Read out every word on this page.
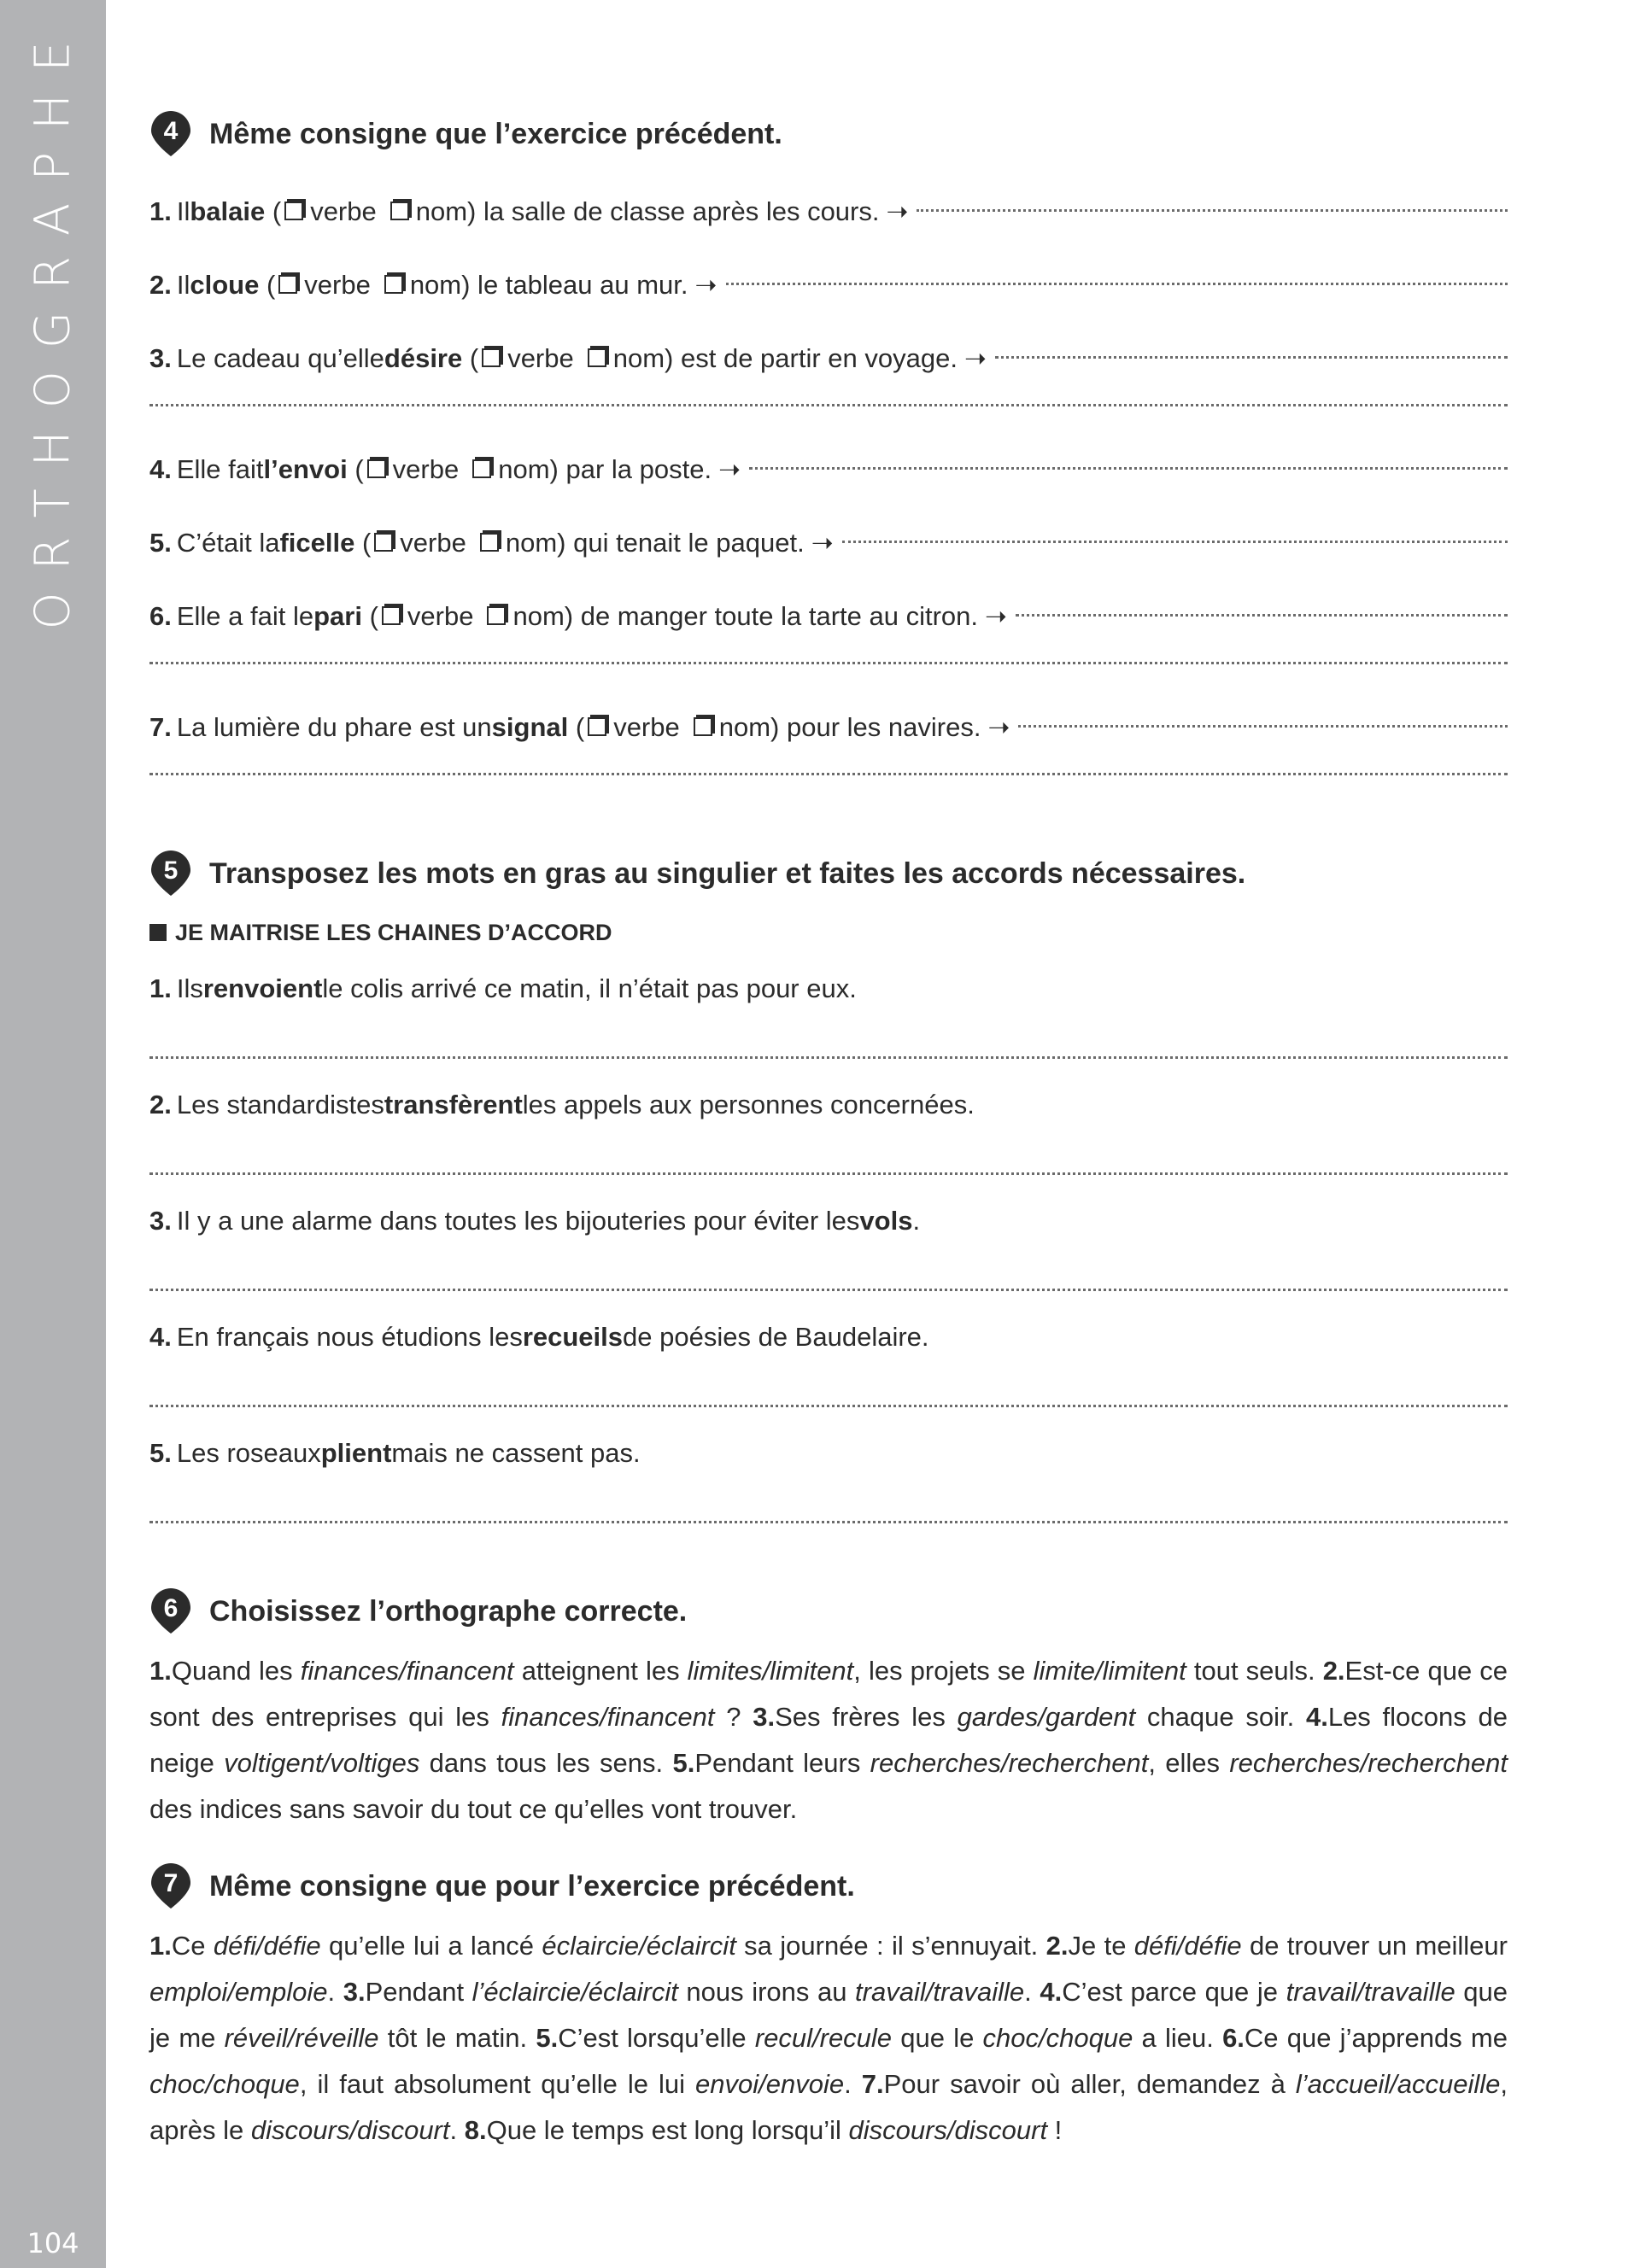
ORTHOGRAPHE
104
4	Même consigne que l’exercice précédent.
1. Il balaie ( verbe nom ) la salle de classe après les cours. ➝
2. Il cloue ( verbe nom ) le tableau au mur. ➝
3. Le cadeau qu’elle désire ( verbe nom ) est de partir en voyage. ➝
4. Elle fait l’envoi ( verbe nom ) par la poste. ➝
5. C’était la ficelle ( verbe nom ) qui tenait le paquet. ➝
6. Elle a fait le pari ( verbe nom ) de manger toute la tarte au citron. ➝
7. La lumière du phare est un signal ( verbe nom ) pour les navires. ➝
5	Transposez les mots en gras au singulier et faites les accords nécessaires.
JE MAITRISE LES CHAINES D’ACCORD
1. Ils renvoient le colis arrivé ce matin, il n’était pas pour eux.
2. Les standardistes transfèrent les appels aux personnes concernées.
3. Il y a une alarme dans toutes les bijouteries pour éviter les vols .
4. En français nous étudions les recueils de poésies de Baudelaire.
5. Les roseaux plient mais ne cassent pas.
6	Choisissez l’orthographe correcte.
1.Quand les finances/financent atteignent les limites/limitent, les projets se limite/limitent tout seuls. 2.Est-ce que ce sont des entreprises qui les finances/financent ? 3.Ses frères les gardes/gardent chaque soir. 4.Les flocons de neige voltigent/voltiges dans tous les sens. 5.Pendant leurs recherches/recherchent, elles recherches/recherchent des indices sans savoir du tout ce qu’elles vont trouver.
7	Même consigne que pour l’exercice précédent.
1.Ce défi/défie qu’elle lui a lancé éclaircie/éclaircit sa journée : il s’ennuyait. 2.Je te défi/défie de trouver un meilleur emploi/emploie. 3.Pendant l’éclaircie/éclaircit nous irons au travail/travaille. 4.C’est parce que je travail/travaille que je me réveil/réveille tôt le matin. 5.C’est lorsqu’elle recul/recule que le choc/choque a lieu. 6.Ce que j’apprends me choc/choque, il faut absolument qu’elle le lui envoi/envoie. 7.Pour savoir où aller, demandez à l’accueil/accueille, après le discours/discourt. 8.Que le temps est long lorsqu’il discours/discourt !
